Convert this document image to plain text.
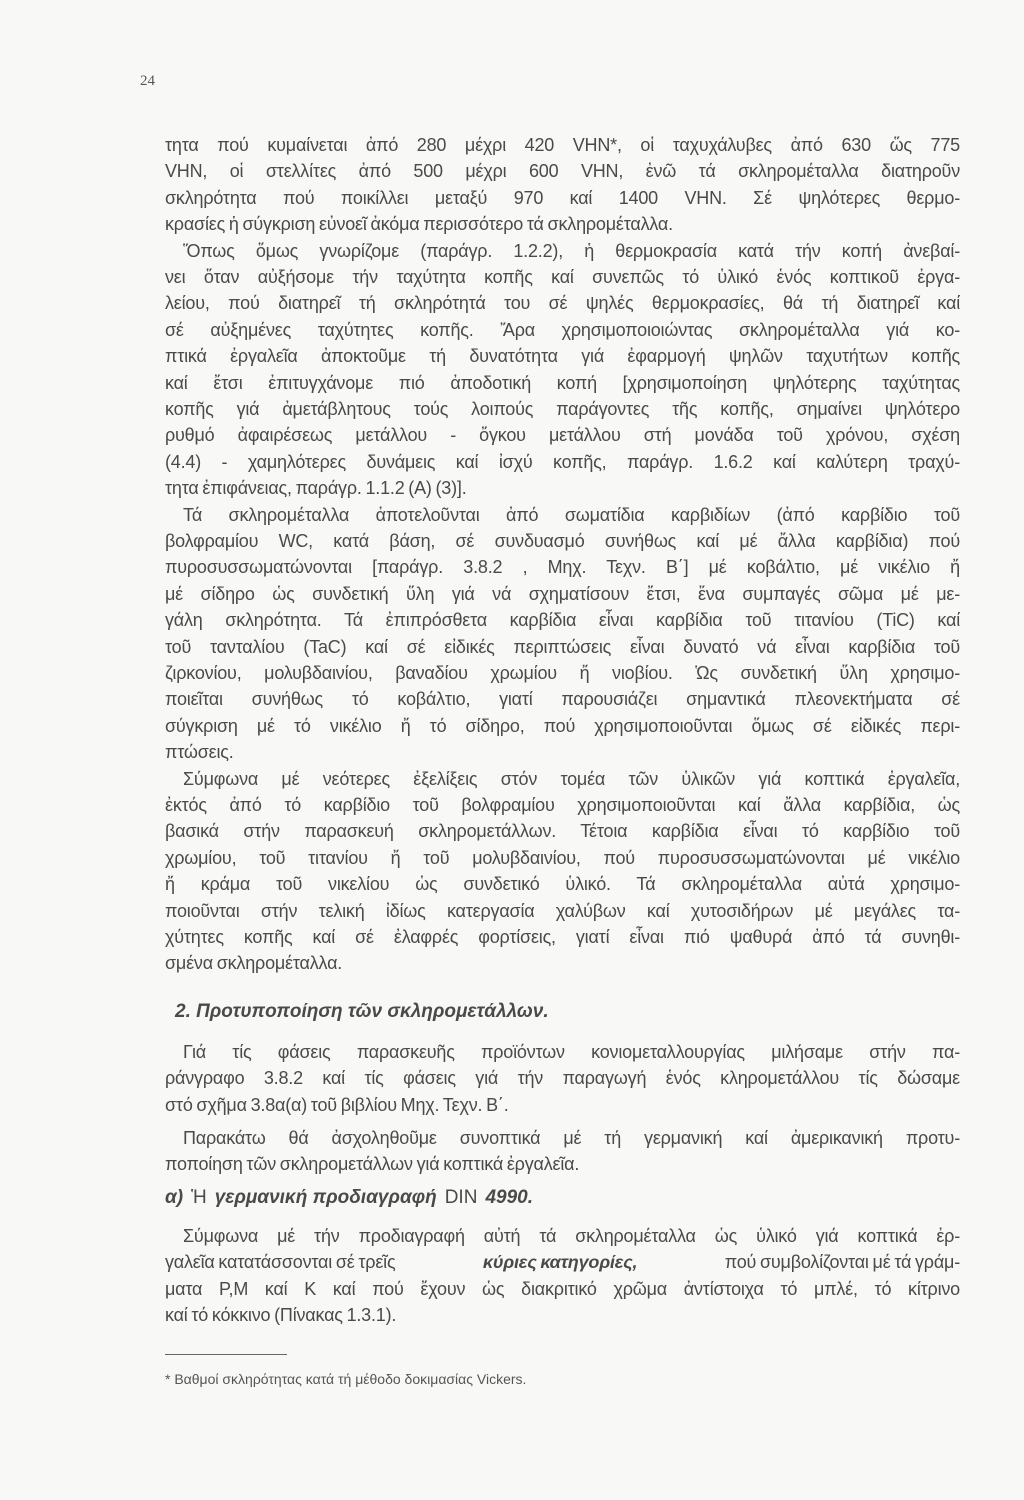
24
τητα πού κυμαίνεται ἀπό 280 μέχρι 420 VHN*, οἱ ταχυχάλυβες ἀπό 630 ὥς 775
VHN, οἱ στελλίτες ἀπό 500 μέχρι 600 VHN, ἐνῶ τά σκληρομέταλλα διατηροῦν
σκληρότητα πού ποικίλλει μεταξύ 970 καί 1400 VHN. Σέ ψηλότερες θερμο-
κρασίες ἡ σύγκριση εὐνοεῖ ἀκόμα περισσότερο τά σκληρομέταλλα.
Ὅπως ὅμως γνωρίζομε (παράγρ. 1.2.2), ἡ θερμοκρασία κατά τήν κοπή ἀνεβαί-
νει ὅταν αὐξήσομε τήν ταχύτητα κοπῆς καί συνεπῶς τό ὑλικό ἑνός κοπτικοῦ ἐργα-
λείου, πού διατηρεῖ τή σκληρότητά του σέ ψηλές θερμοκρασίες, θά τή διατηρεῖ καί
σέ αὐξημένες ταχύτητες κοπῆς. Ἄρα χρησιμοποιοιώντας σκληρομέταλλα γιά κο-
πτικά ἐργαλεῖα ἀποκτοῦμε τή δυνατότητα γιά ἐφαρμογή ψηλῶν ταχυτήτων κοπῆς
καί ἔτσι ἐπιτυγχάνομε πιό ἀποδοτική κοπή [χρησιμοποίηση ψηλότερης ταχύτητας
κοπῆς γιά ἀμετάβλητους τούς λοιπούς παράγοντες τῆς κοπῆς, σημαίνει ψηλότερο
ρυθμό ἀφαιρέσεως μετάλλου - ὄγκου μετάλλου στή μονάδα τοῦ χρόνου, σχέση
(4.4) - χαμηλότερες δυνάμεις καί ἰσχύ κοπῆς, παράγρ. 1.6.2 καί καλύτερη τραχύ-
τητα ἐπιφάνειας, παράγρ. 1.1.2 (A) (3)].
Τά σκληρομέταλλα ἀποτελοῦνται ἀπό σωματίδια καρβιδίων (ἀπό καρβίδιο τοῦ
βολφραμίου WC, κατά βάση, σέ συνδυασμό συνήθως καί μέ ἄλλα καρβίδια) πού
πυροσυσσωματώνονται [παράγρ. 3.8.2 , Μηχ. Τεχν. Β΄] μέ κοβάλτιο, μέ νικέλιο ἤ
μέ σίδηρο ὡς συνδετική ὕλη γιά νά σχηματίσουν ἔτσι, ἕνα συμπαγές σῶμα μέ με-
γάλη σκληρότητα. Τά ἐπιπρόσθετα καρβίδια εἶναι καρβίδια τοῦ τιτανίου (TiC) καί
τοῦ τανταλίου (TaC) καί σέ εἰδικές περιπτώσεις εἶναι δυνατό νά εἶναι καρβίδια τοῦ
ζιρκονίου, μολυβδαινίου, βαναδίου χρωμίου ἤ νιοβίου. Ὡς συνδετική ὕλη χρησιμο-
ποιεῖται συνήθως τό κοβάλτιο, γιατί παρουσιάζει σημαντικά πλεονεκτήματα σέ
σύγκριση μέ τό νικέλιο ἤ τό σίδηρο, πού χρησιμοποιοῦνται ὅμως σέ εἰδικές περι-
πτώσεις.
Σύμφωνα μέ νεότερες ἐξελίξεις στόν τομέα τῶν ὑλικῶν γιά κοπτικά ἐργαλεῖα,
ἐκτός ἀπό τό καρβίδιο τοῦ βολφραμίου χρησιμοποιοῦνται καί ἄλλα καρβίδια, ὡς
βασικά στήν παρασκευή σκληρομετάλλων. Τέτοια καρβίδια εἶναι τό καρβίδιο τοῦ
χρωμίου, τοῦ τιτανίου ἤ τοῦ μολυβδαινίου, πού πυροσυσσωματώνονται μέ νικέλιο
ἤ κράμα τοῦ νικελίου ὡς συνδετικό ὑλικό. Τά σκληρομέταλλα αὐτά χρησιμο-
ποιοῦνται στήν τελική ἰδίως κατεργασία χαλύβων καί χυτοσιδήρων μέ μεγάλες τα-
χύτητες κοπῆς καί σέ ἐλαφρές φορτίσεις, γιατί εἶναι πιό ψαθυρά ἀπό τά συνηθι-
σμένα σκληρομέταλλα.
Γιά τίς φάσεις παρασκευῆς προϊόντων κονιομεταλλουργίας μιλήσαμε στήν πα-
ράνγραφο 3.8.2 καί τίς φάσεις γιά τήν παραγωγή ἑνός κληρομετάλλου τίς δώσαμε
στό σχῆμα 3.8α(α) τοῦ βιβλίου Μηχ. Τεχν. Β΄.
Παρακάτω θά ἀσχοληθοῦμε συνοπτικά μέ τή γερμανική καί ἀμερικανική προτυ-
ποποίηση τῶν σκληρομετάλλων γιά κοπτικά ἐργαλεῖα.
Σύμφωνα μέ τήν προδιαγραφή αὐτή τά σκληρομέταλλα ὡς ὑλικό γιά κοπτικά ἐρ-
γαλεῖα κατατάσσονται σέ τρεῖς	κύριες κατηγορίες,	πού συμβολίζονται μέ τά γράμ-
ματα Ρ,Μ καί Κ καί πού ἔχουν ὡς διακριτικό χρῶμα ἀντίστοιχα τό μπλέ, τό κίτρινο
καί τό κόκκινο (Πίνακας 1.3.1).
2. Προτυποποίηση τῶν σκληρομετάλλων.
α) Ἡ γερμανική προδιαγραφή DIN 4990.
* Βαθμοί σκληρότητας κατά τή μέθοδο δοκιμασίας Vickers.
